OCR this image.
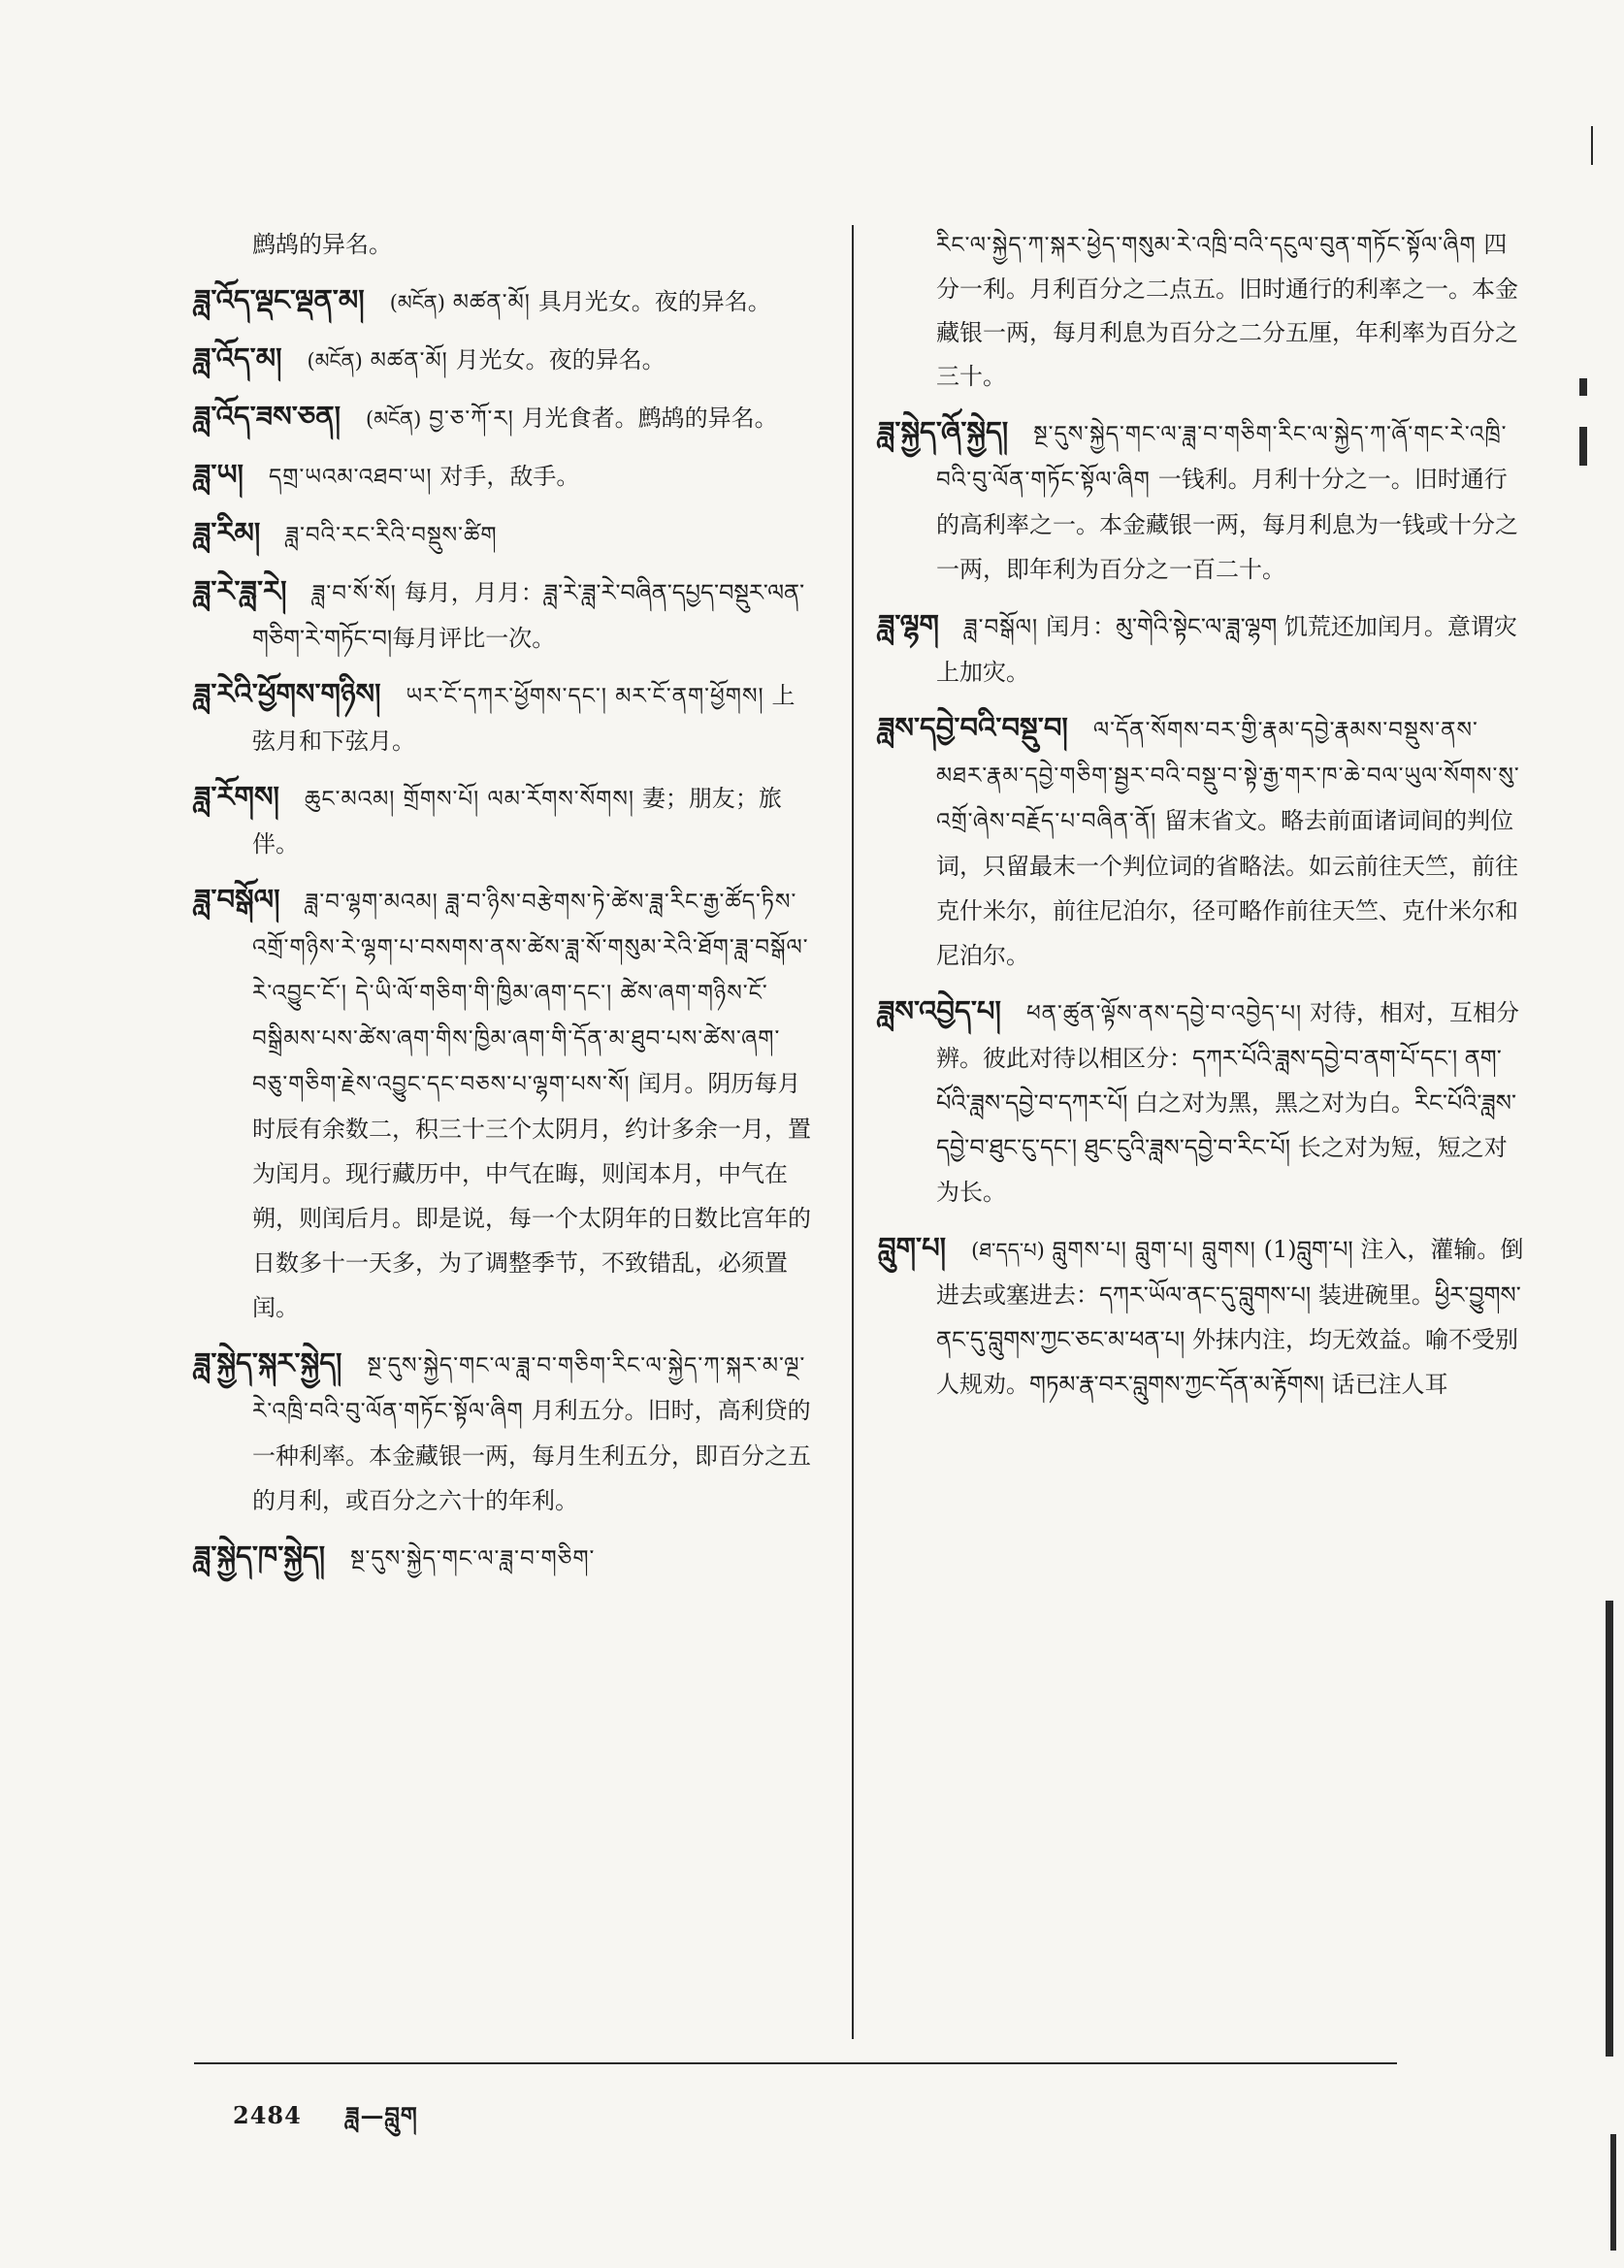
鹧鸪的异名。
ཟླ་འོད་ལྡང་ལྡན་མ། (མངོན) མཚན་མོ། 具月光女。夜的异名。
ཟླ་འོད་མ། (མངོན) མཚན་མོ། 月光女。夜的异名。
ཟླ་འོད་ཟས་ཅན། (མངོན) བྱ་ཅ་ཀོ་ར། 月光食者。鹧鸪的异名。
ཟླ་ཡ། དགྲ་ཡའམ་འཐབ་ཡ། 对手，敌手。
ཟླ་རིམ། ཟླ་བའི་རང་རིའི་བསྡུས་ཚིག
ཟླ་རེ་ཟླ་རེ། ཟླ་བ་སོ་སོ། 每月，月月：ཟླ་རེ་ཟླ་རེ་བཞིན་དཔྱད་བསྡུར་ལན་གཅིག་རེ་གཏོང་བ།每月评比一次。
ཟླ་རེའི་ཕྱོགས་གཉིས། ཡར་ངོ་དཀར་ཕྱོགས་དང་། མར་ངོ་ནག་ཕྱོགས། 上弦月和下弦月。
ཟླ་རོགས། ཆུང་མའམ། གྲོགས་པོ། ལམ་རོགས་སོགས། 妻；朋友；旅伴。
ཟླ་བསྒོལ། ཟླ་བ་ལྷག་མའམ། ཟླ་བ་ཉིས་བརྩེགས་ཏེ་ཚེས་ཟླ་རིང་རྒྱ་ཚོད་ཏིས་འགྲོ་གཉིས་རེ་ལྷག་པ་བསགས་ནས་ཚེས་ཟླ་སོ་གསུམ་རེའི་ཐོག་ཟླ་བསྒོལ་རེ་འབྱུང་ངོ་། དེ་ཡི་ལོ་གཅིག་གི་ཁྱིམ་ཞག་དང་། ཚེས་ཞག་གཉིས་ངོ་བསྒྲིམས་པས་ཚེས་ཞག་གིས་ཁྱིམ་ཞག་གི་དོན་མ་ཐུབ་པས་ཚེས་ཞག་བཅུ་གཅིག་རྗེས་འབྱུང་དང་བཅས་པ་ལྷག་པས་སོ། 闰月。阴历每月时辰有余数二，积三十三个太阴月，约计多余一月，置为闰月。现行藏历中，中气在晦，则闰本月，中气在朔，则闰后月。即是说，每一个太阴年的日数比宫年的日数多十一天多，为了调整季节，不致错乱，必须置闰。
ཟླ་སྐྱེད་སྐར་སྐྱེད། སྔ་དུས་སྐྱེད་གང་ལ་ཟླ་བ་གཅིག་རིང་ལ་སྐྱེད་ཀ་སྐར་མ་ལྔ་རེ་འཁྲི་བའི་བུ་ལོན་གཏོང་སྟོལ་ཞིག 月利五分。旧时，高利贷的一种利率。本金藏银一两，每月生利五分，即百分之五的月利，或百分之六十的年利。
ཟླ་སྐྱེད་ཁ་སྐྱེད། སྔ་དུས་སྐྱེད་གང་ལ་ཟླ་བ་གཅིག་
རིང་ལ་སྐྱེད་ཀ་སྐར་ཕྱེད་གསུམ་རེ་འཁྲི་བའི་དངུལ་བུན་གཏོང་སྟོལ་ཞིག 四分一利。月利百分之二点五。旧时通行的利率之一。本金藏银一两，每月利息为百分之二分五厘，年利率为百分之三十。
ཟླ་སྐྱེད་ཞོ་སྐྱེད། སྔ་དུས་སྐྱེད་གང་ལ་ཟླ་བ་གཅིག་རིང་ལ་སྐྱེད་ཀ་ཞོ་གང་རེ་འཁྲི་བའི་བུ་ལོན་གཏོང་སྟོལ་ཞིག 一钱利。月利十分之一。旧时通行的高利率之一。本金藏银一两，每月利息为一钱或十分之一两，即年利为百分之一百二十。
ཟླ་ལྷག ཟླ་བསྒོལ། 闰月：མུ་གེའི་སྟེང་ལ་ཟླ་ལྷག 饥荒还加闰月。意谓灾上加灾。
ཟླས་དབྱེ་བའི་བསྡུ་བ། ལ་དོན་སོགས་བར་གྱི་རྣམ་དབྱེ་རྣམས་བསྡུས་ནས་མཐར་རྣམ་དབྱེ་གཅིག་སྦྱར་བའི་བསྡུ་བ་སྟེ་རྒྱ་གར་ཁ་ཆེ་བལ་ཡུལ་སོགས་སུ་འགྲོ་ཞེས་བརྗོད་པ་བཞིན་ནོ། 留末省文。略去前面诸词间的判位词，只留最末一个判位词的省略法。如云前往天竺，前往克什米尔，前往尼泊尔，径可略作前往天竺、克什米尔和尼泊尔。
ཟླས་འབྱེད་པ། ཕན་ཚུན་ལྟོས་ནས་དབྱེ་བ་འབྱེད་པ། 对待，相对，互相分辨。彼此对待以相区分：དཀར་པོའི་ཟླས་དབྱེ་བ་ནག་པོ་དང་། ནག་པོའི་ཟླས་དབྱེ་བ་དཀར་པོ། 白之对为黑，黑之对为白。རིང་པོའི་ཟླས་དབྱེ་བ་ཐུང་ངུ་དང་། ཐུང་ངུའི་ཟླས་དབྱེ་བ་རིང་པོ། 长之对为短，短之对为长。
བླུག་པ། (ཐ་དད་པ) བླུགས་པ། བླུག་པ། བླུགས། (1)བླུག་པ། 注入，灌输。倒进去或塞进去：དཀར་ཡོལ་ནང་དུ་བླུགས་པ། 装进碗里。ཕྱིར་བྱུགས་ནང་དུ་བླུགས་ཀྱང་ཅང་མ་ཕན་པ། 外抹内注，均无效益。喻不受别人规劝。གཏམ་རྣ་བར་བླུགས་ཀྱང་དོན་མ་རྟོགས། 话已注人耳
2484 ཟླ—བླུག
